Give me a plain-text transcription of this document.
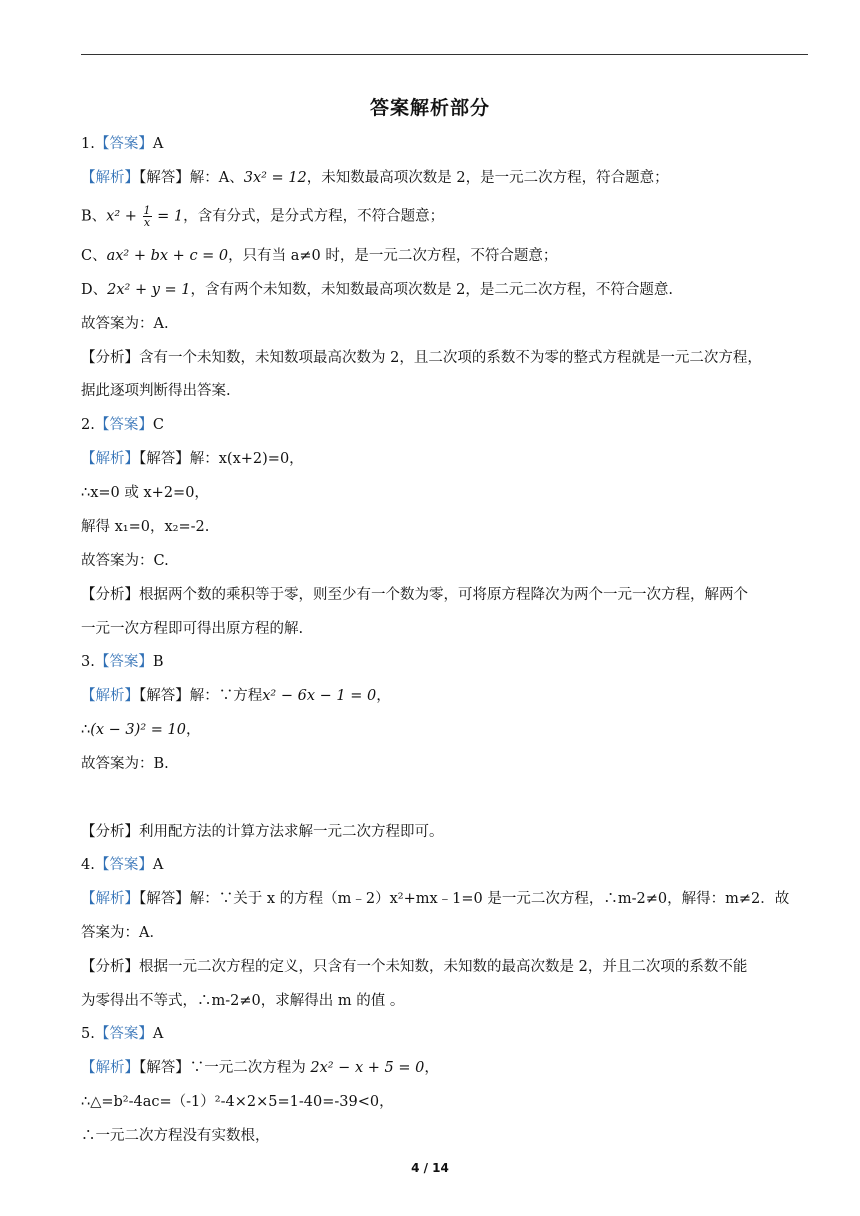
答案解析部分
1.【答案】A
【解析】【解答】解：A、3x² = 12，未知数最高项次数是 2，是一元二次方程，符合题意；
B、$x^2 + \frac{1}{x} = 1$，含有分式，是分式方程，不符合题意；
C、ax² + bx + c = 0，只有当 a≠0 时，是一元二次方程，不符合题意；
D、2x² + y = 1，含有两个未知数，未知数最高项次数是 2，是二元二次方程，不符合题意.
故答案为：A.
【分析】含有一个未知数，未知数项最高次数为 2，且二次项的系数不为零的整式方程就是一元二次方程，
据此逐项判断得出答案.
2.【答案】C
【解析】【解答】解：x(x+2)=0，
∴x=0 或 x+2=0，
解得 x₁=0，x₂=-2.
故答案为：C.
【分析】根据两个数的乘积等于零，则至少有一个数为零，可将原方程降次为两个一元一次方程，解两个
一元一次方程即可得出原方程的解.
3.【答案】B
【解析】【解答】解：∵方程x² − 6x − 1 = 0，
∴(x − 3)² = 10，
故答案为：B.
【分析】利用配方法的计算方法求解一元二次方程即可。
4.【答案】A
【解析】【解答】解：∵关于 x 的方程（m﹣2）x²+mx﹣1=0 是一元二次方程，∴m-2≠0，解得：m≠2．故
答案为：A．
【分析】根据一元二次方程的定义，只含有一个未知数，未知数的最高次数是 2，并且二次项的系数不能
为零得出不等式，∴m-2≠0，求解得出 m 的值 。
5.【答案】A
【解析】【解答】∵一元二次方程为 2x² − x + 5 = 0，
∴△=b²-4ac=（-1）²-4×2×5=1-40=-39<0，
∴一元二次方程没有实数根，
4 / 14
